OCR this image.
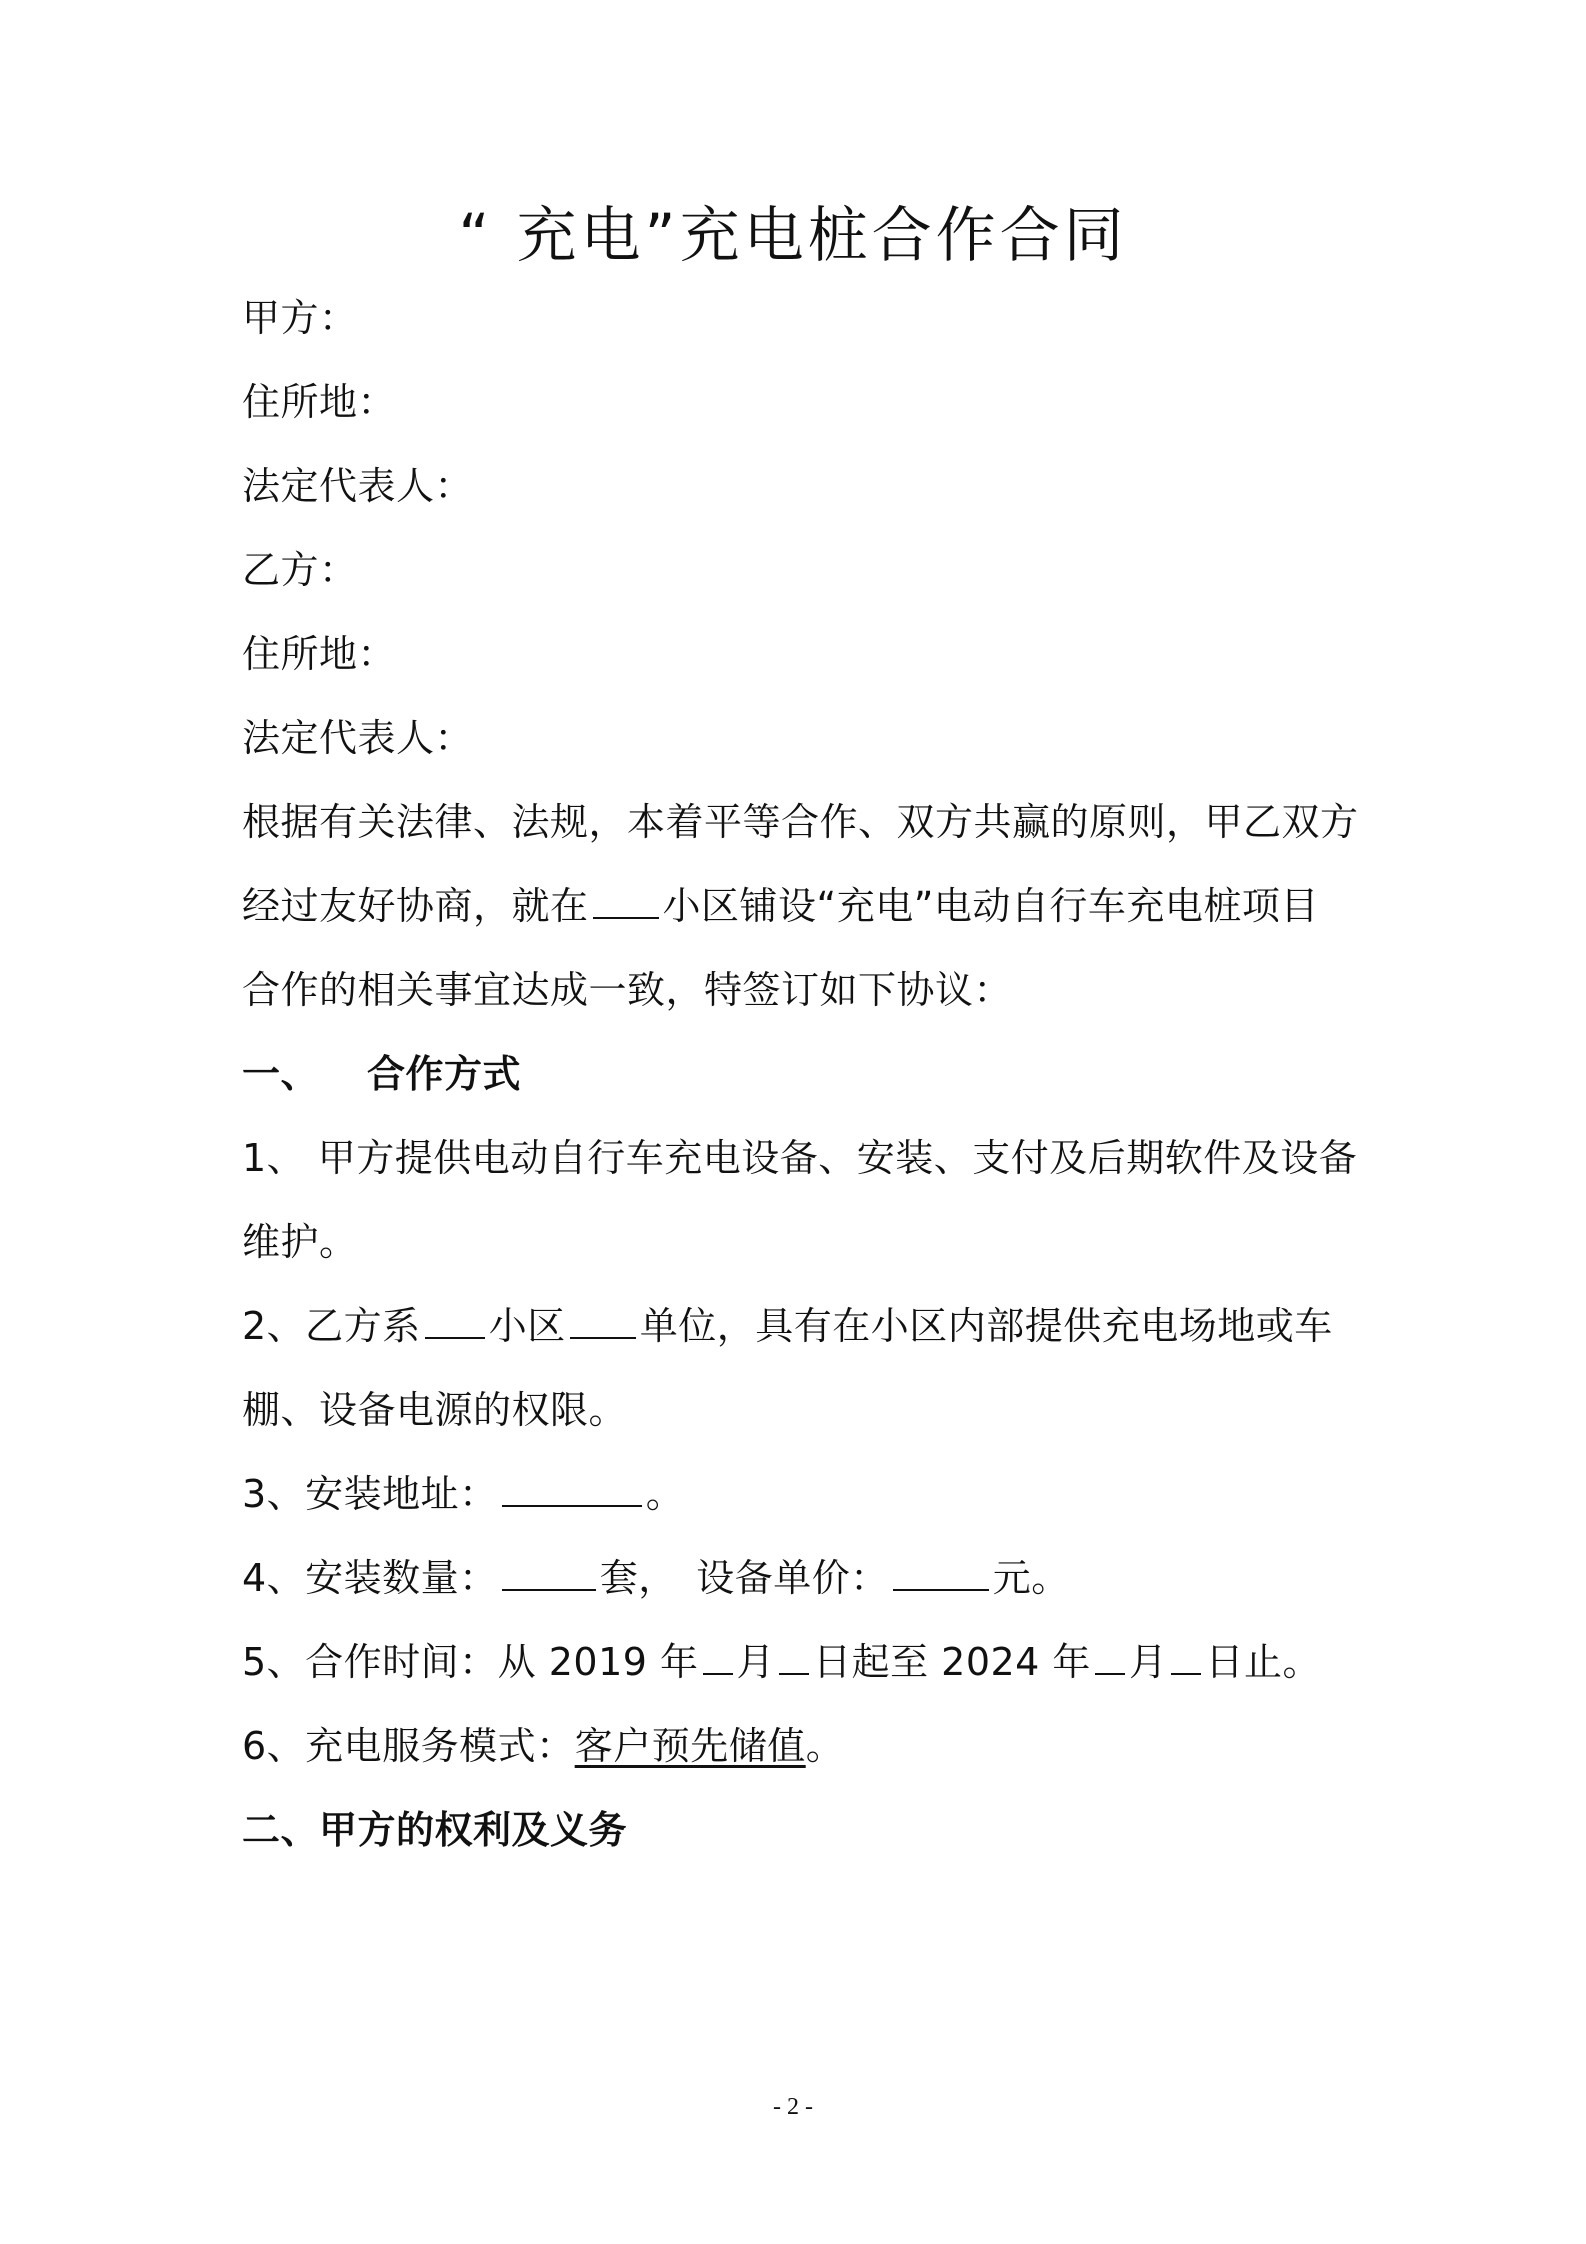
“ 充电”充电桩合作合同
甲方：
住所地：
法定代表人：
乙方：
住所地：
法定代表人：
根据有关法律、法规，本着平等合作、双方共赢的原则，甲乙双方
经过友好协商，就在 小区铺设“充电”电动自行车充电桩项目
合作的相关事宜达成一致，特签订如下协议：
一、 合作方式
1、 甲方提供电动自行车充电设备、安装、支付及后期软件及设备
维护。
2、乙方系 小区 单位，具有在小区内部提供充电场地或车
棚、设备电源的权限。
3、安装地址：	。
4、安装数量：	套，　设备单价：	元。
5、合作时间：从 2019 年 月 日起至 2024 年 月 日止。
6、充电服务模式：客户预先储值。
二、甲方的权利及义务
- 2 -
